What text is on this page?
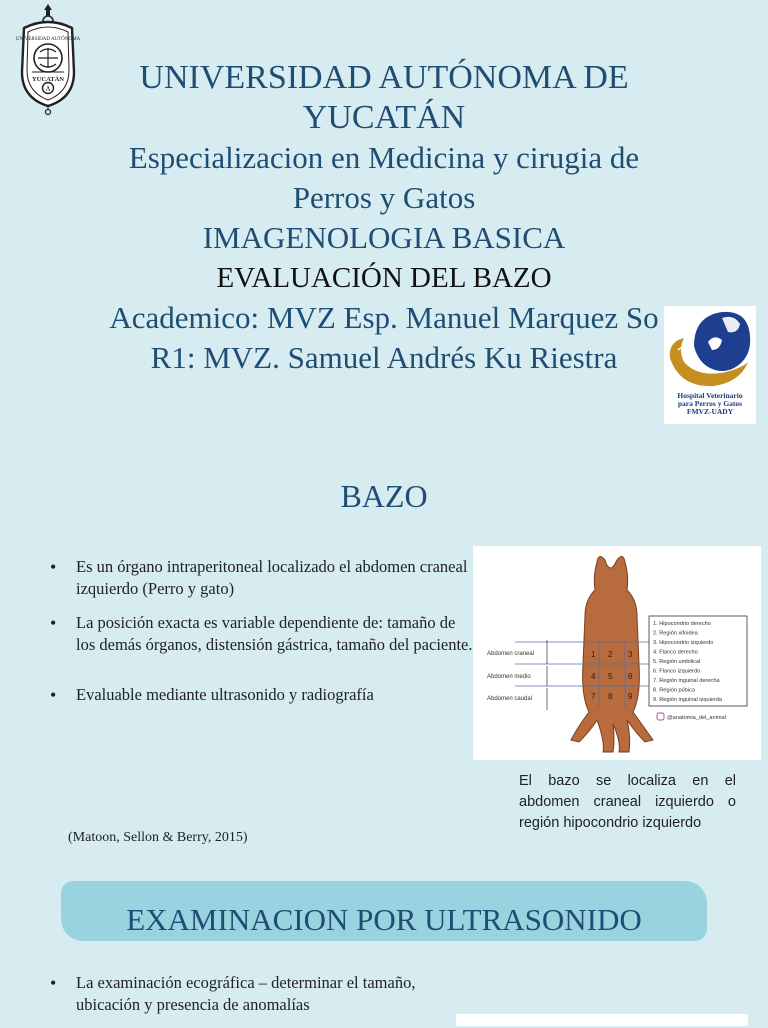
UNIVERSIDAD AUTÓNOMA
YUCATÁN
A	UNIVERSIDAD AUTÓNOMA DE
YUCATÁN
Especializacion en Medicina y cirugia de
Perros y Gatos
IMAGENOLOGIA BASICA
EVALUACIÓN DEL BAZO
Academico: MVZ Esp. Manuel Marquez So
R1: MVZ. Samuel Andrés Ku Riestra
Hospital Veterinario
para Perros y Gatos
FMVZ-UADY
BAZO
• Es un órgano intraperitoneal localizado el abdomen craneal izquierdo (Perro y gato)
• La posición exacta es variable dependiente de: tamaño de los demás órganos, distensión gástrica, tamaño del paciente.
• Evaluable mediante ultrasonido y radiografía
Abdomen craneal
Abdomen medio
Abdomen caudal
1 2 3
4 5 6
7 8 9
1. Hipocondrio derecho
2. Región xifoidea
3. Hipocondrio izquierdo
4. Flanco derecho
5. Región umbilical
6. Flanco izquierdo
7. Región inguinal derecha
8. Región púbica
9. Región inguinal izquierda
@anatomia_del_animal
El bazo se localiza en el abdomen craneal izquierdo o región hipocondrio izquierdo
(Matoon, Sellon & Berry, 2015)
EXAMINACION POR ULTRASONIDO
• La examinación ecográfica – determinar el tamaño, ubicación y presencia de anomalías
